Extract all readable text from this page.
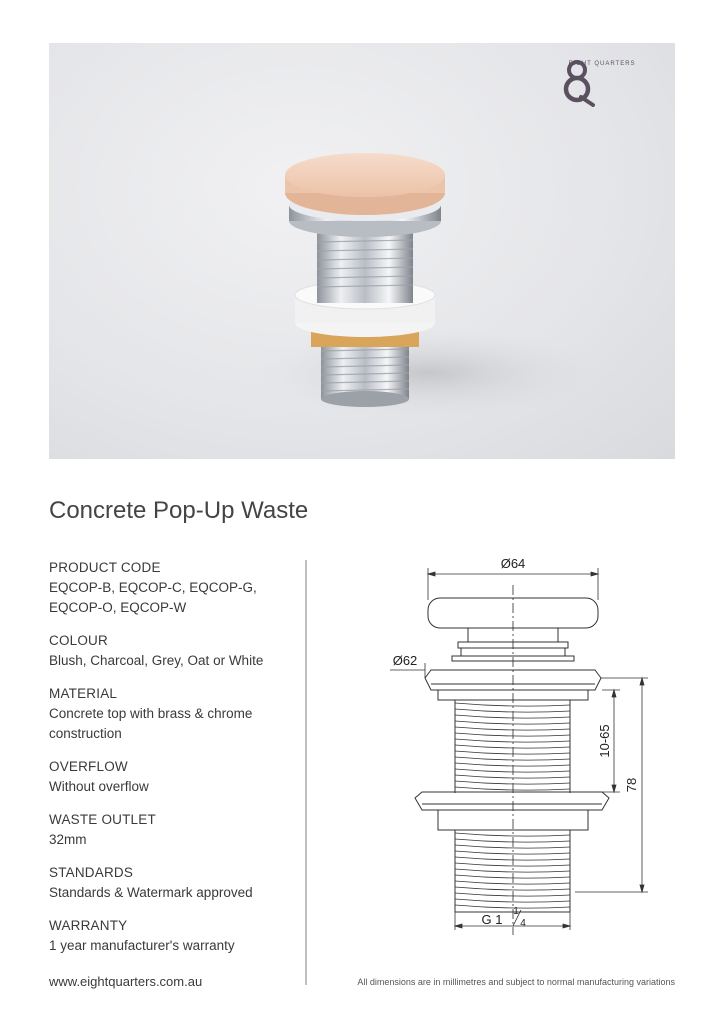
EIGHT QUARTERS
Concrete Pop-Up Waste
PRODUCT CODE
EQCOP-B, EQCOP-C, EQCOP-G,
EQCOP-O, EQCOP-W
COLOUR
Blush, Charcoal, Grey, Oat or White
MATERIAL
Concrete top with brass & chrome
construction
OVERFLOW
Without overflow
WASTE OUTLET
32mm
STANDARDS
Standards & Watermark approved
WARRANTY
1 year manufacturer's warranty
Ø64
Ø62
10-65
78
G 1
1
4
www.eightquarters.com.au	All dimensions are in millimetres and subject to normal manufacturing variations
